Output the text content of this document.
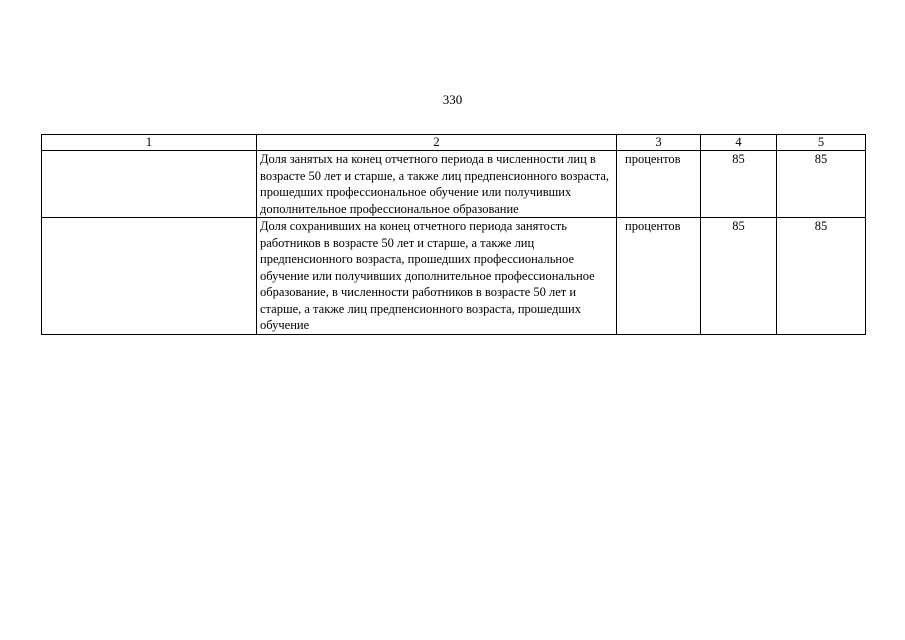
330
1	2	3	4	5
	Доля занятых на конец отчетного периода в численности лиц в возрасте 50 лет и старше, а также лиц предпенсионного возраста, прошедших профессиональное обучение или получивших дополнительное профессиональное образование	процентов	85	85
	Доля сохранивших на конец отчетного периода занятость работников в возрасте 50 лет и старше, а также лиц предпенсионного возраста, прошедших профессиональное обучение или получивших дополнительное профессиональное образование, в численности работников в возрасте 50 лет и старше, а также лиц предпенсионного возраста, прошедших обучение	процентов	85	85
